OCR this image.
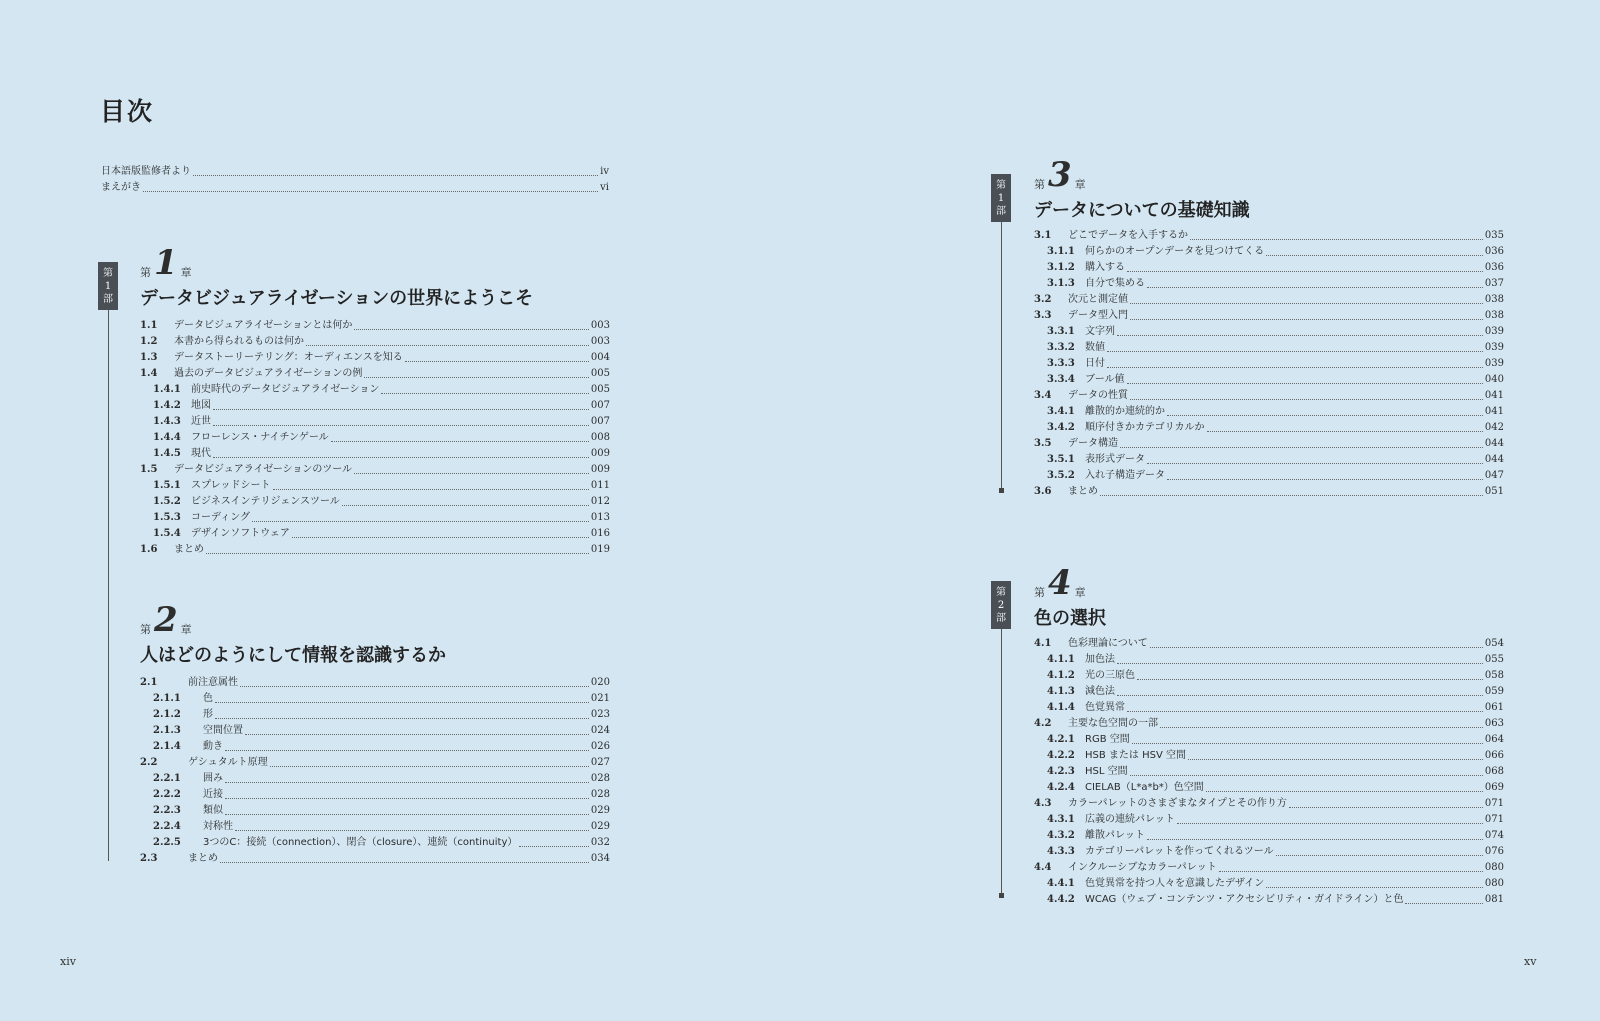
目次
日本語版監修者より	iv
まえがき	vi
第
1
部
第
1
部
第
2
部
第 1 章
データビジュアライゼーションの世界にようこそ
1.1	データビジュアライゼーションとは何か	003
1.2	本書から得られるものは何か	003
1.3	データストーリーテリング：オーディエンスを知る	004
1.4	過去のデータビジュアライゼーションの例	005
1.4.1	前史時代のデータビジュアライゼーション	005
1.4.2	地図	007
1.4.3	近世	007
1.4.4	フローレンス・ナイチンゲール	008
1.4.5	現代	009
1.5	データビジュアライゼーションのツール	009
1.5.1	スプレッドシート	011
1.5.2	ビジネスインテリジェンスツール	012
1.5.3	コーディング	013
1.5.4	デザインソフトウェア	016
1.6	まとめ	019
第 2 章
人はどのようにして情報を認識するか
2.1	前注意属性	020
2.1.1	色	021
2.1.2	形	023
2.1.3	空間位置	024
2.1.4	動き	026
2.2	ゲシュタルト原理	027
2.2.1	囲み	028
2.2.2	近接	028
2.2.3	類似	029
2.2.4	対称性	029
2.2.5	3つのC：接続（connection）、閉合（closure）、連続（continuity）	032
2.3	まとめ	034
第 3 章
データについての基礎知識
3.1	どこでデータを入手するか	035
3.1.1	何らかのオープンデータを見つけてくる	036
3.1.2	購入する	036
3.1.3	自分で集める	037
3.2	次元と測定値	038
3.3	データ型入門	038
3.3.1	文字列	039
3.3.2	数値	039
3.3.3	日付	039
3.3.4	ブール値	040
3.4	データの性質	041
3.4.1	離散的か連続的か	041
3.4.2	順序付きかカテゴリカルか	042
3.5	データ構造	044
3.5.1	表形式データ	044
3.5.2	入れ子構造データ	047
3.6	まとめ	051
第 4 章
色の選択
4.1	色彩理論について	054
4.1.1	加色法	055
4.1.2	光の三原色	058
4.1.3	減色法	059
4.1.4	色覚異常	061
4.2	主要な色空間の一部	063
4.2.1	RGB 空間	064
4.2.2	HSB または HSV 空間	066
4.2.3	HSL 空間	068
4.2.4	CIELAB（L*a*b*）色空間	069
4.3	カラーパレットのさまざまなタイプとその作り方	071
4.3.1	広義の連続パレット	071
4.3.2	離散パレット	074
4.3.3	カテゴリーパレットを作ってくれるツール	076
4.4	インクルーシブなカラーパレット	080
4.4.1	色覚異常を持つ人々を意識したデザイン	080
4.4.2	WCAG（ウェブ・コンテンツ・アクセシビリティ・ガイドライン）と色	081
xiv	xv
